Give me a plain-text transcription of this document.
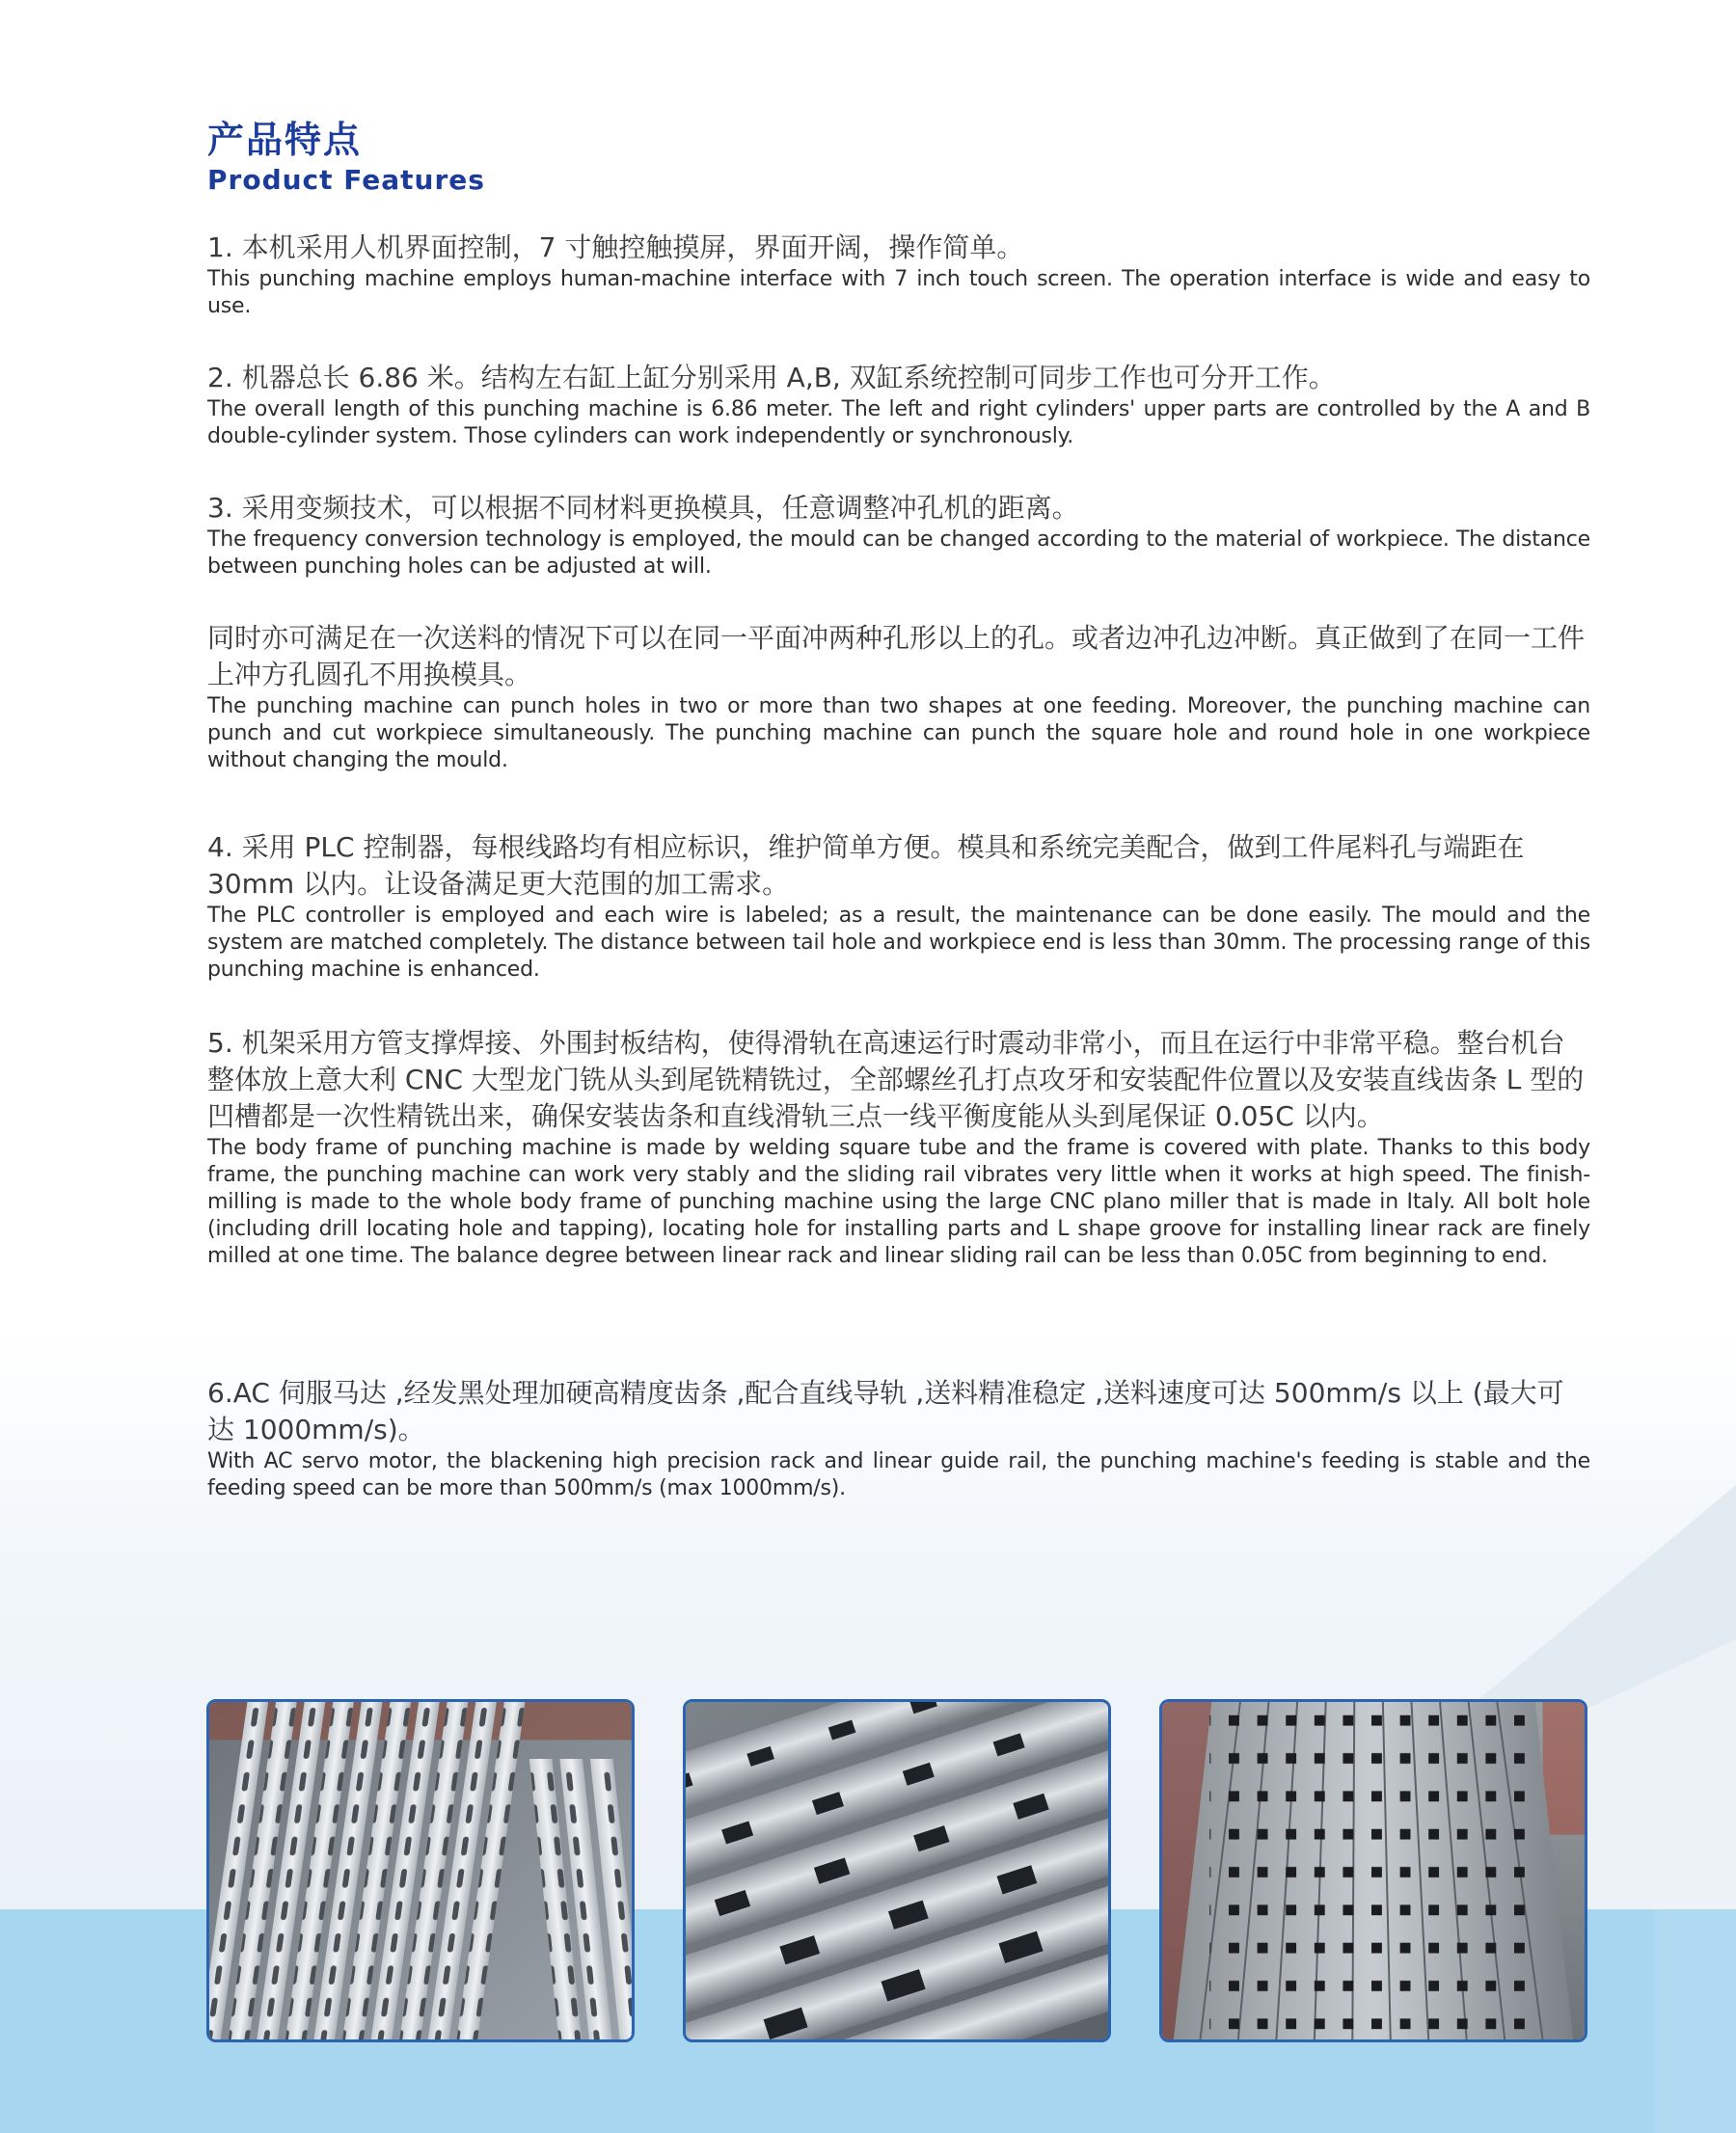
产品特点
Product Features

1. 本机采用人机界面控制，7 寸触控触摸屏，界面开阔，操作简单。

This punching machine employs human-machine interface with 7 inch touch screen. The operation interface is wide and easy to use.

2. 机器总长 6.86 米。结构左右缸上缸分别采用 A,B, 双缸系统控制可同步工作也可分开工作。

The overall length of this punching machine is 6.86 meter. The left and right cylinders' upper parts are controlled by the A and B double-cylinder system. Those cylinders can work independently or synchronously.

3. 采用变频技术，可以根据不同材料更换模具，任意调整冲孔机的距离。

The frequency conversion technology is employed, the mould can be changed according to the material of workpiece. The distance between punching holes can be adjusted at will.

同时亦可满足在一次送料的情况下可以在同一平面冲两种孔形以上的孔。或者边冲孔边冲断。真正做到了在同一工件上冲方孔圆孔不用换模具。

The punching machine can punch holes in two or more than two shapes at one feeding. Moreover, the punching machine can punch and cut workpiece simultaneously. The punching machine can punch the square hole and round hole in one workpiece without changing the mould.

4. 采用 PLC 控制器，每根线路均有相应标识，维护简单方便。模具和系统完美配合，做到工件尾料孔与端距在 30mm 以内。让设备满足更大范围的加工需求。

The PLC controller is employed and each wire is labeled; as a result, the maintenance can be done easily. The mould and the system are matched completely. The distance between tail hole and workpiece end is less than 30mm. The processing range of this punching machine is enhanced.

5. 机架采用方管支撑焊接、外围封板结构，使得滑轨在高速运行时震动非常小，而且在运行中非常平稳。整台机台整体放上意大利 CNC 大型龙门铣从头到尾铣精铣过，全部螺丝孔打点攻牙和安装配件位置以及安装直线齿条 L 型的凹槽都是一次性精铣出来，确保安装齿条和直线滑轨三点一线平衡度能从头到尾保证 0.05C 以内。

The body frame of punching machine is made by welding square tube and the frame is covered with plate. Thanks to this body frame, the punching machine can work very stably and the sliding rail vibrates very little when it works at high speed. The finish-milling is made to the whole body frame of punching machine using the large CNC plano miller that is made in Italy. All bolt hole (including drill locating hole and tapping), locating hole for installing parts and L shape groove for installing linear rack are finely milled at one time. The balance degree between linear rack and linear sliding rail can be less than 0.05C from beginning to end.

6.AC 伺服马达 ,经发黑处理加硬高精度齿条 ,配合直线导轨 ,送料精准稳定 ,送料速度可达 500mm/s 以上 (最大可达 1000mm/s)。

With AC servo motor, the blackening high precision rack and linear guide rail, the punching machine's feeding is stable and the feeding speed can be more than 500mm/s (max 1000mm/s).
